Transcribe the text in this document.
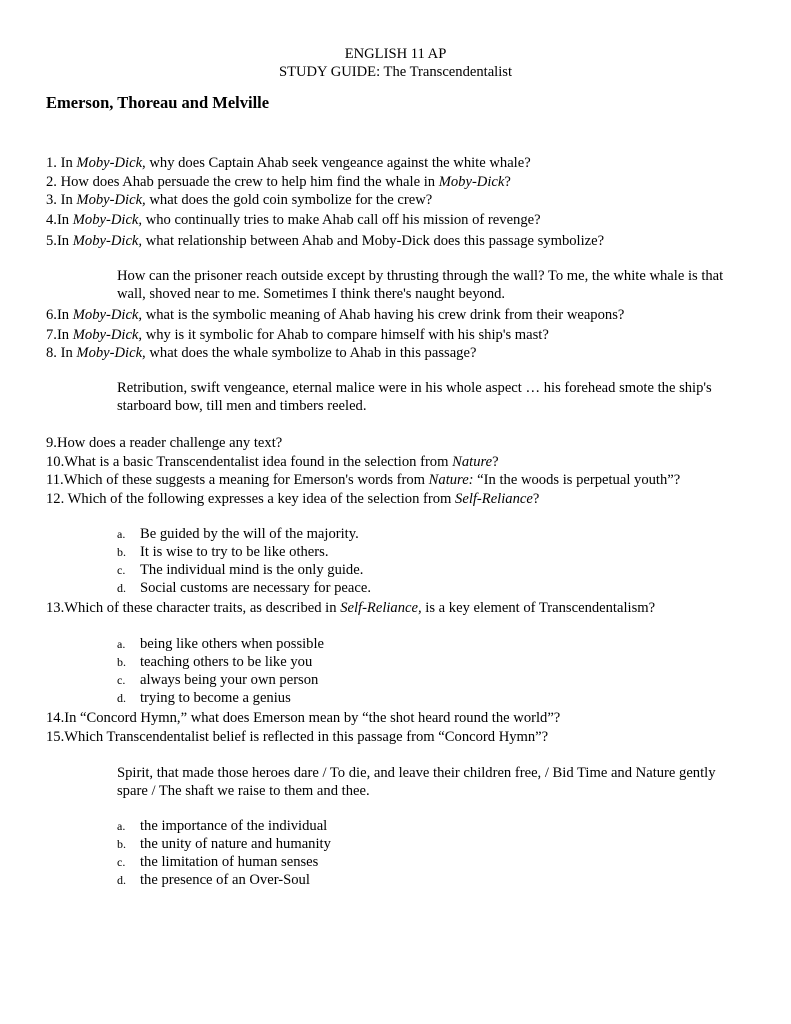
ENGLISH 11 AP
STUDY GUIDE: The Transcendentalist
Emerson, Thoreau and Melville
1. In Moby-Dick, why does Captain Ahab seek vengeance against the white whale?
2. How does Ahab persuade the crew to help him find the whale in Moby-Dick?
3. In Moby-Dick, what does the gold coin symbolize for the crew?
4.In Moby-Dick, who continually tries to make Ahab call off his mission of revenge?
5.In Moby-Dick, what relationship between Ahab and Moby-Dick does this passage symbolize?
How can the prisoner reach outside except by thrusting through the wall? To me, the white whale is that wall, shoved near to me. Sometimes I think there's naught beyond.
6.In Moby-Dick, what is the symbolic meaning of Ahab having his crew drink from their weapons?
7.In Moby-Dick, why is it symbolic for Ahab to compare himself with his ship's mast?
8. In Moby-Dick, what does the whale symbolize to Ahab in this passage?
Retribution, swift vengeance, eternal malice were in his whole aspect … his forehead smote the ship's starboard bow, till men and timbers reeled.
9.How does a reader challenge any text?
10.What is a basic Transcendentalist idea found in the selection from Nature?
11.Which of these suggests a meaning for Emerson's words from Nature: “In the woods is perpetual youth”?
12. Which of the following expresses a key idea of the selection from Self-Reliance?
a. Be guided by the will of the majority.
b. It is wise to try to be like others.
c. The individual mind is the only guide.
d. Social customs are necessary for peace.
13.Which of these character traits, as described in Self-Reliance, is a key element of Transcendentalism?
a. being like others when possible
b. teaching others to be like you
c. always being your own person
d. trying to become a genius
14.In “Concord Hymn,” what does Emerson mean by “the shot heard round the world”?
15.Which Transcendentalist belief is reflected in this passage from “Concord Hymn”?
Spirit, that made those heroes dare / To die, and leave their children free, / Bid Time and Nature gently spare / The shaft we raise to them and thee.
a. the importance of the individual
b. the unity of nature and humanity
c. the limitation of human senses
d. the presence of an Over-Soul
